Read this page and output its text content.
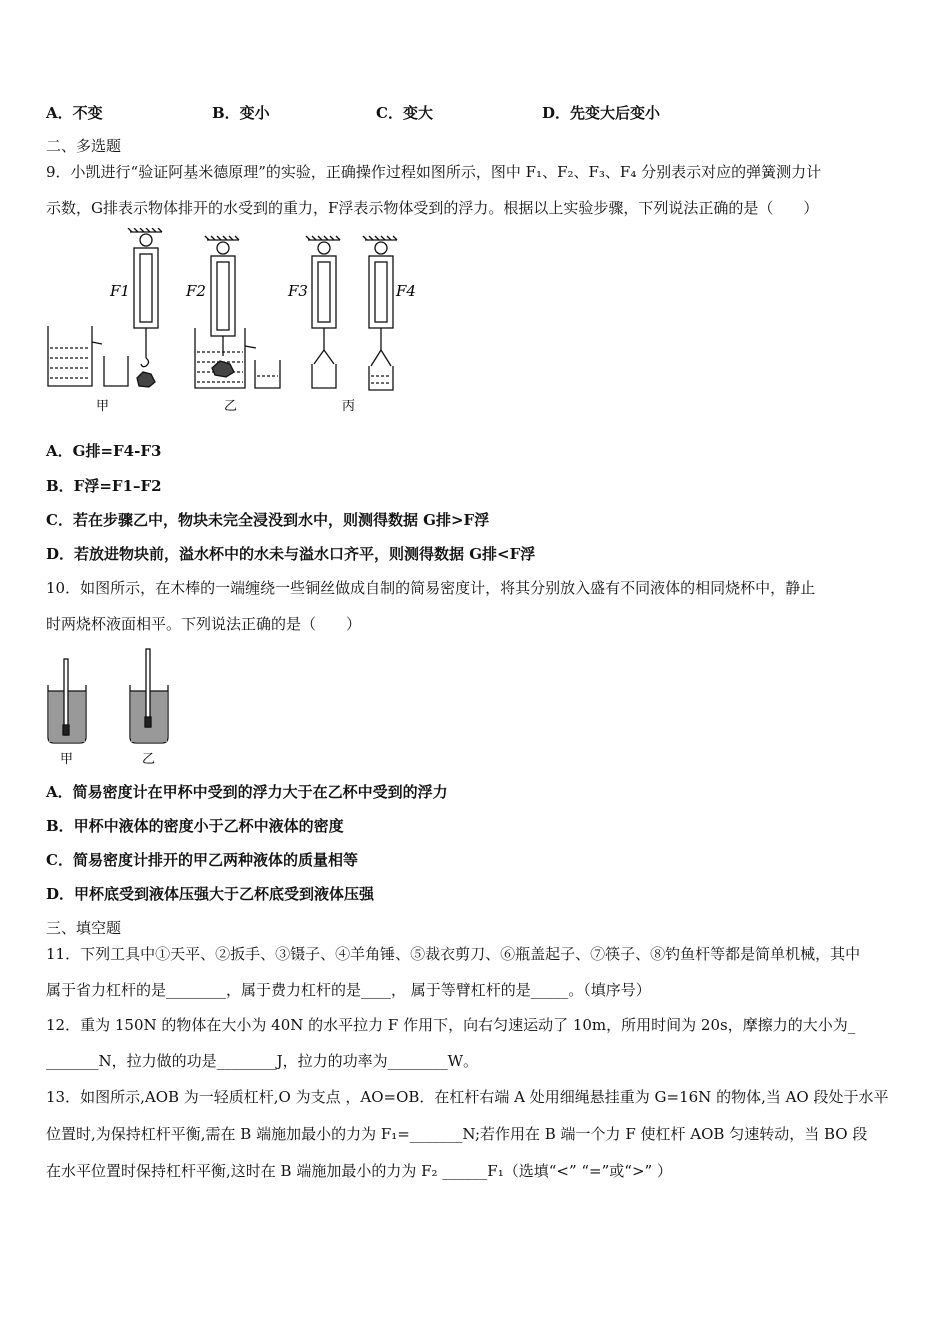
A．不变	B．变小	C．变大	D．先变大后变小
二、多选题
9．小凯进行“验证阿基米德原理”的实验，正确操作过程如图所示，图中 F₁、F₂、F₃、F₄ 分别表示对应的弹簧测力计
示数，G排表示物体排开的水受到的重力，F浮表示物体受到的浮力。根据以上实验步骤，下列说法正确的是（　　）
F1	F2	F3	F4
甲	乙	丙
A．G排=F4-F3
B．F浮=F1–F2
C．若在步骤乙中，物块未完全浸没到水中，则测得数据 G排>F浮
D．若放进物块前，溢水杯中的水未与溢水口齐平，则测得数据 G排<F浮
10．如图所示，在木棒的一端缠绕一些铜丝做成自制的简易密度计，将其分别放入盛有不同液体的相同烧杯中，静止
时两烧杯液面相平。下列说法正确的是（　　）
甲	乙
A．简易密度计在甲杯中受到的浮力大于在乙杯中受到的浮力
B．甲杯中液体的密度小于乙杯中液体的密度
C．简易密度计排开的甲乙两种液体的质量相等
D．甲杯底受到液体压强大于乙杯底受到液体压强
三、填空题
11．下列工具中①天平、②扳手、③镊子、④羊角锤、⑤裁衣剪刀、⑥瓶盖起子、⑦筷子、⑧钓鱼杆等都是简单机械，其中
属于省力杠杆的是________，属于费力杠杆的是____， 属于等臂杠杆的是_____。（填序号）
12．重为 150N 的物体在大小为 40N 的水平拉力 F 作用下，向右匀速运动了 10m，所用时间为 20s，摩擦力的大小为_
_______N，拉力做的功是________J，拉力的功率为________W。
13．如图所示,AOB 为一轻质杠杆,O 为支点 ，AO=OB．在杠杆右端 A 处用细绳悬挂重为 G=16N 的物体,当 AO 段处于水平
位置时,为保持杠杆平衡,需在 B 端施加最小的力为 F₁=_______N;若作用在 B 端一个力 F 使杠杆 AOB 匀速转动，当 BO 段
在水平位置时保持杠杆平衡,这时在 B 端施加最小的力为 F₂ ______F₁（选填“<” “=”或“>” ）
